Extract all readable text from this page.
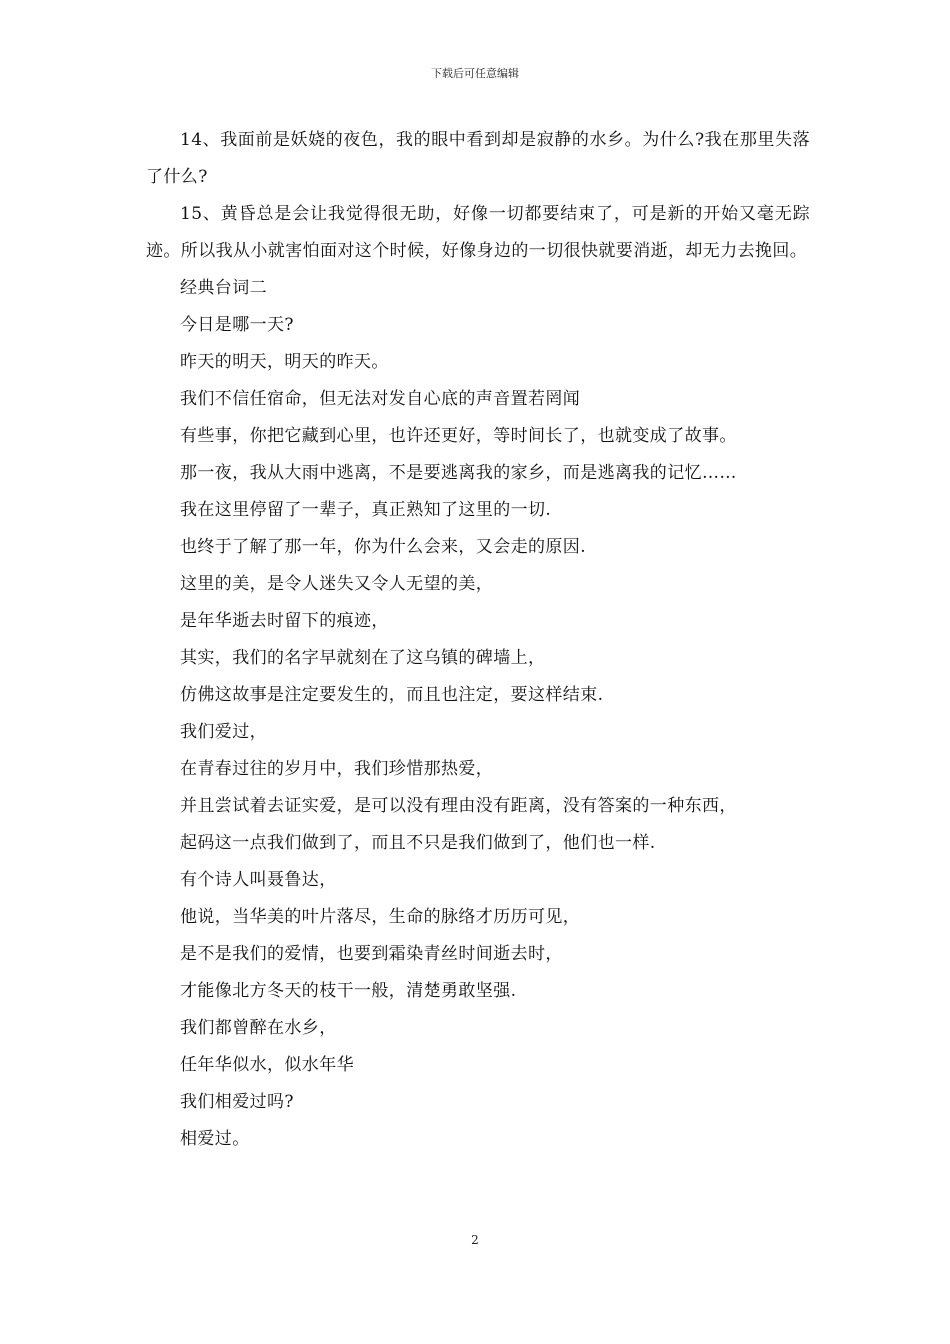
下载后可任意编辑

14、我面前是妖娆的夜色，我的眼中看到却是寂静的水乡。为什么?我在那里失落了什么?

15、黄昏总是会让我觉得很无助，好像一切都要结束了，可是新的开始又毫无踪迹。所以我从小就害怕面对这个时候，好像身边的一切很快就要消逝，却无力去挽回。

经典台词二

今日是哪一天?

昨天的明天，明天的昨天。

我们不信任宿命，但无法对发自心底的声音置若罔闻

有些事，你把它藏到心里，也许还更好，等时间长了，也就变成了故事。

那一夜，我从大雨中逃离，不是要逃离我的家乡，而是逃离我的记忆……

我在这里停留了一辈子，真正熟知了这里的一切.

也终于了解了那一年，你为什么会来，又会走的原因.

这里的美，是令人迷失又令人无望的美，

是年华逝去时留下的痕迹，

其实，我们的名字早就刻在了这乌镇的碑墙上，

仿佛这故事是注定要发生的，而且也注定，要这样结束.

我们爱过，

在青春过往的岁月中，我们珍惜那热爱，

并且尝试着去证实爱，是可以没有理由没有距离，没有答案的一种东西，

起码这一点我们做到了，而且不只是我们做到了，他们也一样.

有个诗人叫聂鲁达，

他说，当华美的叶片落尽，生命的脉络才历历可见，

是不是我们的爱情，也要到霜染青丝时间逝去时，

才能像北方冬天的枝干一般，清楚勇敢坚强.

我们都曾醉在水乡，

任年华似水，似水年华

我们相爱过吗?

相爱过。

2
